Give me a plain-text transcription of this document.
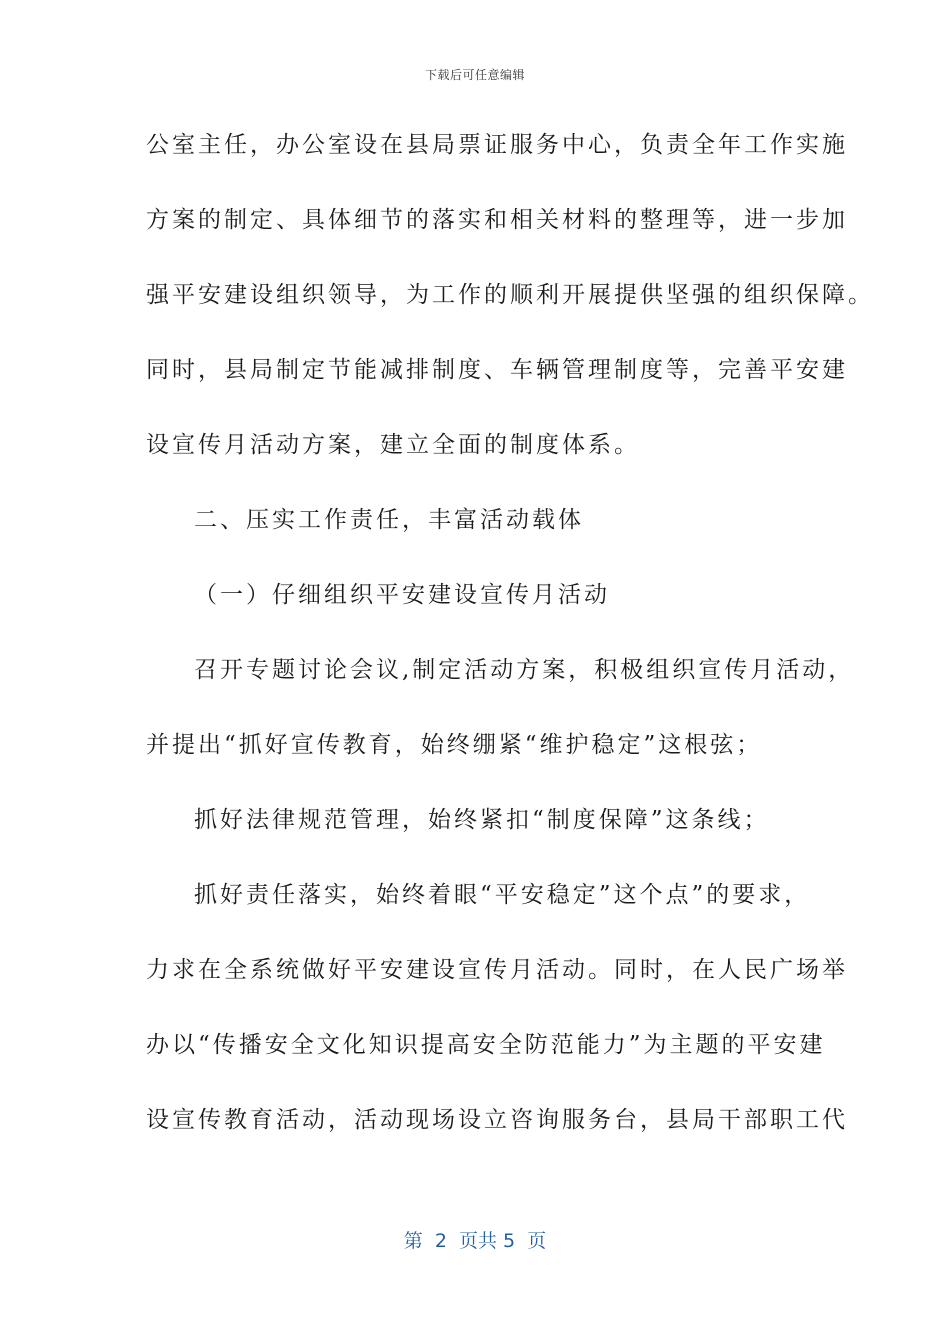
下载后可任意编辑
公室主任，办公室设在县局票证服务中心，负责全年工作实施
方案的制定、具体细节的落实和相关材料的整理等，进一步加
强平安建设组织领导，为工作的顺利开展提供坚强的组织保障。
同时，县局制定节能减排制度、车辆管理制度等，完善平安建
设宣传月活动方案，建立全面的制度体系。
二、压实工作责任，丰富活动载体
（一）仔细组织平安建设宣传月活动
召开专题讨论会议,制定活动方案，积极组织宣传月活动，
并提出“抓好宣传教育，始终绷紧“维护稳定”这根弦；
抓好法律规范管理，始终紧扣“制度保障”这条线；
抓好责任落实，始终着眼“平安稳定”这个点”的要求，
力求在全系统做好平安建设宣传月活动。同时，在人民广场举
办以“传播安全文化知识提高安全防范能力”为主题的平安建
设宣传教育活动，活动现场设立咨询服务台，县局干部职工代
第  2  页共 5  页
